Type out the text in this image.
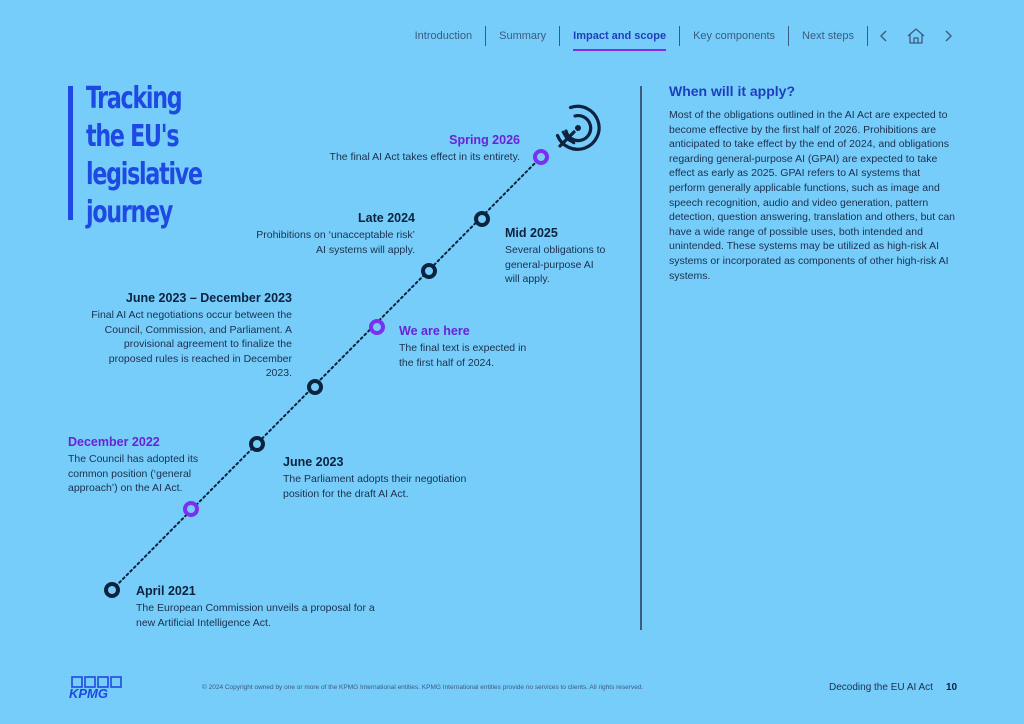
Introduction	Summary	Impact and scope	Key components	Next steps
Tracking
the EU's
legislative
journey
April 2021
The European Commission unveils a proposal for a new Artificial Intelligence Act.
December 2022
The Council has adopted its common position (‘general approach’) on the AI Act.
June 2023
The Parliament adopts their negotiation position for the draft AI Act.
June 2023 – December 2023
Final AI Act negotiations occur between the Council, Commission, and Parliament. A provisional agreement to finalize the proposed rules is reached in December 2023.
We are here
The final text is expected in the first half of 2024.
Late 2024
Prohibitions on ‘unacceptable risk’ AI systems will apply.
Mid 2025
Several obligations to general-purpose AI will apply.
Spring 2026
The final AI Act takes effect in its entirety.
When will it apply?
Most of the obligations outlined in the AI Act are expected to become effective by the first half of 2026. Prohibitions are anticipated to take effect by the end of 2024, and obligations regarding general-purpose AI (GPAI) are expected to take effect as early as 2025. GPAI refers to AI systems that perform generally applicable functions, such as image and speech recognition, audio and video generation, pattern detection, question answering, translation and others, but can have a wide range of possible uses, both intended and unintended. These systems may be utilized as high-risk AI systems or incorporated as components of other high-risk AI systems.
KPMG	© 2024 Copyright owned by one or more of the KPMG International entities. KPMG International entities provide no services to clients. All rights reserved.	Decoding the EU AI Act 10
